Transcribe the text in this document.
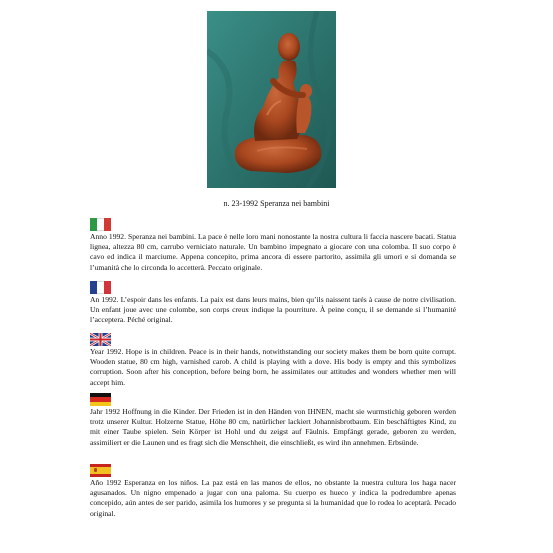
n. 23-1992 Speranza nei bambini

Anno 1992. Speranza nei bambini. La pace è nelle loro mani nonostante la nostra cultura li faccia nascere bacati. Statua lignea, altezza 80 cm, carrubo verniciato naturale. Un bambino impegnato a giocare con una colomba. Il suo corpo è cavo ed indica il marciume. Appena concepito, prima ancora di essere partorito, assimila gli umori e si domanda se l’umanità che lo circonda lo accetterà. Peccato originale.

An 1992. L’espoir dans les enfants. La paix est dans leurs mains, bien qu’ils naissent tarés à cause de notre civilisation. Un enfant joue avec une colombe, son corps creux indique la pourriture. À peine conçu, il se demande si l’humanité l’acceptera. Péché original.

Year 1992. Hope is in children. Peace is in their hands, notwithstanding our society makes them be born quite corrupt. Wooden statue, 80 cm high, varnished carob. A child is playing with a dove. His body is empty and this symbolizes corruption. Soon after his conception, before being born, he assimilates our attitudes and wonders whether men will accept him.

Jahr 1992 Hoffnung in die Kinder. Der Frieden ist in den Händen von IHNEN, macht sie wurmstichig geboren werden trotz unserer Kultur. Holzerne Statue, Höhe 80 cm, natürlicher lackiert Johannisbrotbaum. Ein beschäftigtes Kind, zu mit einer Taube spielen. Sein Körper ist Hohl und du zeigst auf Fäulnis. Empfängt gerade, geboren zu werden, assimiliert er die Launen und es fragt sich die Menschheit, die einschließt, es wird ihn annehmen. Erbsünde.

Año 1992 Esperanza en los niños. La paz está en las manos de ellos, no obstante la nuestra cultura los haga nacer agusanados. Un nigno empenado a jugar con una paloma. Su cuerpo es hueco y indica la podredumbre apenas concepido, aún antes de ser parido, asimila los humores y se pregunta si la humanidad que lo rodea lo aceptarà. Pecado original.
